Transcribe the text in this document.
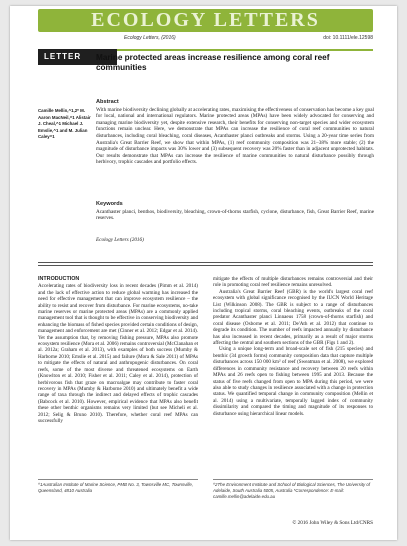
ECOLOGY LETTERS
Ecology Letters, (2016)	doi: 10.1111/ele.12598
LETTER	Marine protected areas increase resilience among coral reef communities
Camille Mellin,^1,2* M. Aaron MacNeil,^1 Alistair J. Cheal,^1 Michael J. Emslie,^1 and M. Julian Caley^1
Abstract

With marine biodiversity declining globally at accelerating rates, maximising the effectiveness of conservation has become a key goal for local, national and international regulators. Marine protected areas (MPAs) have been widely advocated for conserving and managing marine biodiversity yet, despite extensive research, their benefits for conserving non-target species and wider ecosystem functions remain unclear. Here, we demonstrate that MPAs can increase the resilience of coral reef communities to natural disturbances, including coral bleaching, coral diseases, Acanthaster planci outbreaks and storms. Using a 20-year time series from Australia's Great Barrier Reef, we show that within MPAs, (1) reef community composition was 21–38% more stable; (2) the magnitude of disturbance impacts was 30% lower and (3) subsequent recovery was 20% faster than in adjacent unprotected habitats. Our results demonstrate that MPAs can increase the resilience of marine communities to natural disturbance possibly through herbivory, trophic cascades and portfolio effects.

Keywords

Acanthaster planci, benthos, biodiversity, bleaching, crown-of-thorns starfish, cyclone, disturbance, fish, Great Barrier Reef, marine reserves.

Ecology Letters (2016)
INTRODUCTION

Accelerating rates of biodiversity loss in recent decades (Pimm et al. 2014) and the lack of effective action to reduce global warming has increased the need for effective management that can improve ecosystem resilience – the ability to resist and recover from disturbance. For marine ecosystems, no-take marine reserves or marine protected areas (MPAs) are a commonly applied management tool that is thought to be effective in conserving biodiversity and enhancing the biomass of fished species provided certain conditions of design, management and enforcement are met (Cinner et al. 2012; Edgar et al. 2014). Yet the assumption that, by removing fishing pressure, MPAs also promote ecosystem resilience (Mora et al. 2006) remains controversial (McClanahan et al. 2012a; Graham et al. 2013), with examples of both success (Mumby & Harborne 2010; Emslie et al. 2015) and failure (Mora & Sale 2011) of MPAs to mitigate the effects of natural and anthropogenic disturbances. On coral reefs, some of the most diverse and threatened ecosystems on Earth (Knowlton et al. 2010; Fisher et al. 2011; Caley et al. 2014), protection of herbivorous fish that graze on macroalgae may contribute to faster coral recovery in MPAs (Mumby & Harborne 2010) and ultimately benefit a wide range of taxa through the indirect and delayed effects of trophic cascades (Babcock et al. 2010). However, empirical evidence that MPAs also benefit these other benthic organisms remains very limited (but see Micheli et al. 2012; Selig & Bruno 2010). Therefore, whether coral reef MPAs can successfully

mitigate the effects of multiple disturbances remains controversial and their role in promoting coral reef resilience remains unresolved.

Australia's Great Barrier Reef (GBR) is the world's largest coral reef ecosystem with global significance recognised by the IUCN World Heritage List (Wilkinson 2008). The GBR is subject to a range of disturbances including tropical storms, coral bleaching events, outbreaks of the coral predator Acanthaster planci Linnaeus 1758 (crown-of-thorns starfish) and coral disease (Osborne et al. 2011; De'Ath et al. 2012) that continue to degrade its condition. The number of reefs impacted annually by disturbance has also increased in recent decades, primarily as a result of major storms affecting the central and southern sections of the GBR (Figs 1 and 2).

Using a unique long-term and broad-scale set of fish (215 species) and benthic (34 growth forms) community composition data that capture multiple disturbances across 150 000 km² of reef (Sweatman et al. 2008), we explored differences in community resistance and recovery between 20 reefs within MPAs and 26 reefs open to fishing between 1995 and 2013. Because the status of five reefs changed from open to MPA during this period, we were also able to study changes in resilience associated with a change in protection status. We quantified temporal change in community composition (Mellin et al. 2014) using a multivariate, temporally lagged index of community dissimilarity and compared the timing and magnitude of its responses to disturbance using hierarchical linear models.

^1Australian Institute of Marine Science, PMB No. 3, Townsville MC, Townsville, Queensland, 4810 Australia
^2The Environment Institute and School of Biological Sciences, The University of Adelaide, South Australia 5005, Australia *Correspondence: E-mail: camille.mellin@adelaide.edu.au
© 2016 John Wiley & Sons Ltd/CNRS
